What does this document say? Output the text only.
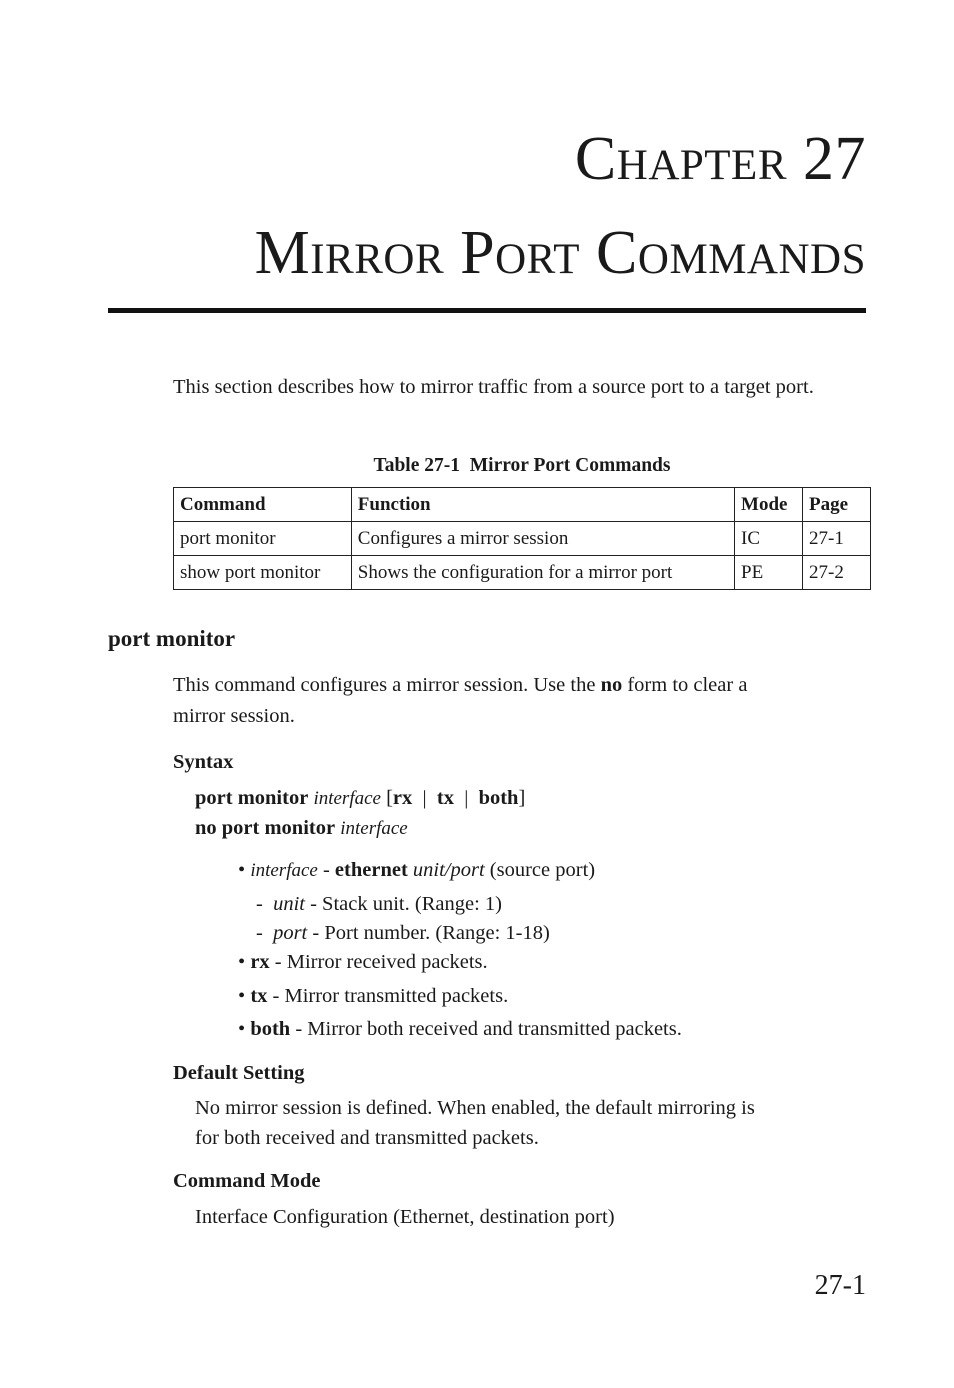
Chapter 27
Mirror Port Commands
This section describes how to mirror traffic from a source port to a target port.
Table 27-1  Mirror Port Commands
Command	Function	Mode	Page
port monitor	Configures a mirror session	IC	27-1
show port monitor	Shows the configuration for a mirror port	PE	27-2
port monitor
This command configures a mirror session. Use the no form to clear a
mirror session.
Syntax
port monitor interface [rx | tx | both]
no port monitor interface
• interface - ethernet unit/port (source port)
- unit - Stack unit. (Range: 1)
- port - Port number. (Range: 1-18)
• rx - Mirror received packets.
• tx - Mirror transmitted packets.
• both - Mirror both received and transmitted packets.
Default Setting
No mirror session is defined. When enabled, the default mirroring is
for both received and transmitted packets.
Command Mode
Interface Configuration (Ethernet, destination port)
27-1
